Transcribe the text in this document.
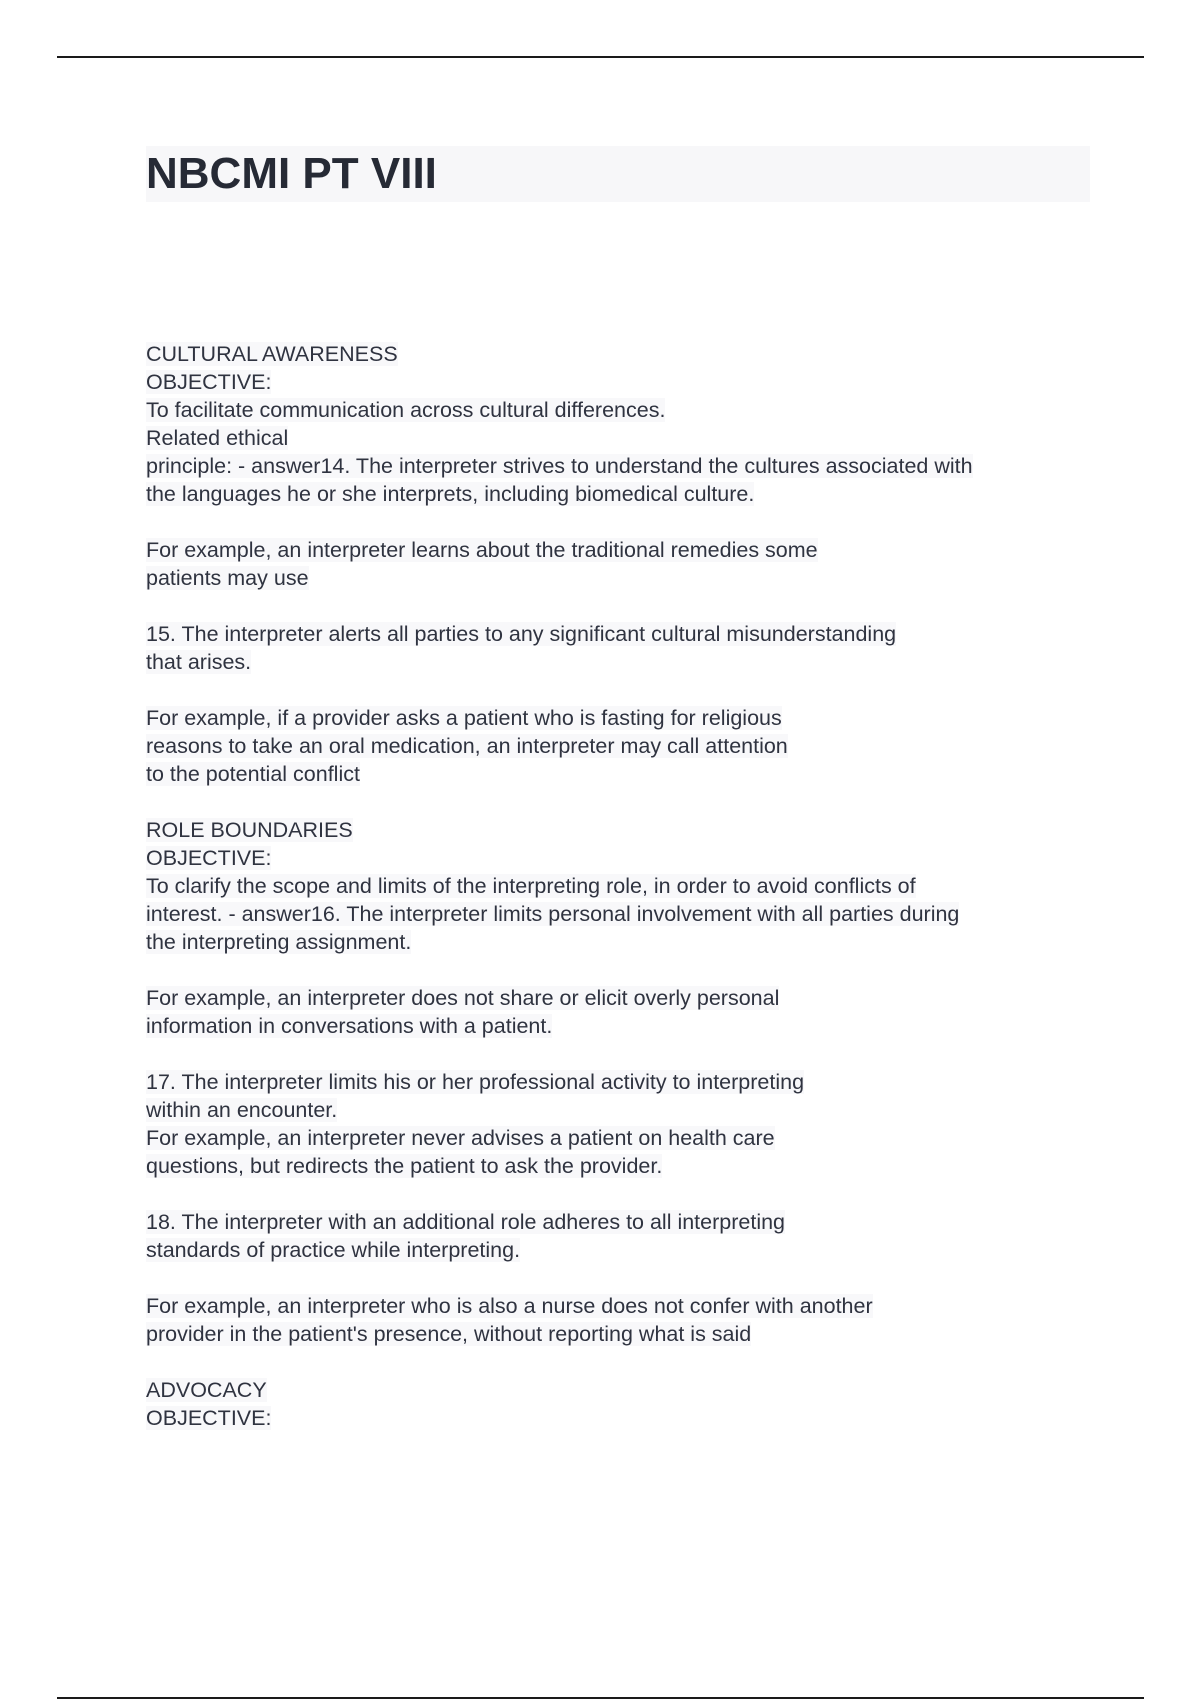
NBCMI PT VIII
CULTURAL AWARENESS
OBJECTIVE:
To facilitate communication across cultural differences.
Related ethical
principle: - answer14. The interpreter strives to understand the cultures associated with
the languages he or she interprets, including biomedical culture.
For example, an interpreter learns about the traditional remedies some
patients may use
15. The interpreter alerts all parties to any significant cultural misunderstanding
that arises.
For example, if a provider asks a patient who is fasting for religious
reasons to take an oral medication, an interpreter may call attention
to the potential conflict
ROLE BOUNDARIES
OBJECTIVE:
To clarify the scope and limits of the interpreting role, in order to avoid conflicts of
interest. - answer16. The interpreter limits personal involvement with all parties during
the interpreting assignment.
For example, an interpreter does not share or elicit overly personal
information in conversations with a patient.
17. The interpreter limits his or her professional activity to interpreting
within an encounter.
For example, an interpreter never advises a patient on health care
questions, but redirects the patient to ask the provider.
18. The interpreter with an additional role adheres to all interpreting
standards of practice while interpreting.
For example, an interpreter who is also a nurse does not confer with another
provider in the patient's presence, without reporting what is said
ADVOCACY
OBJECTIVE:
